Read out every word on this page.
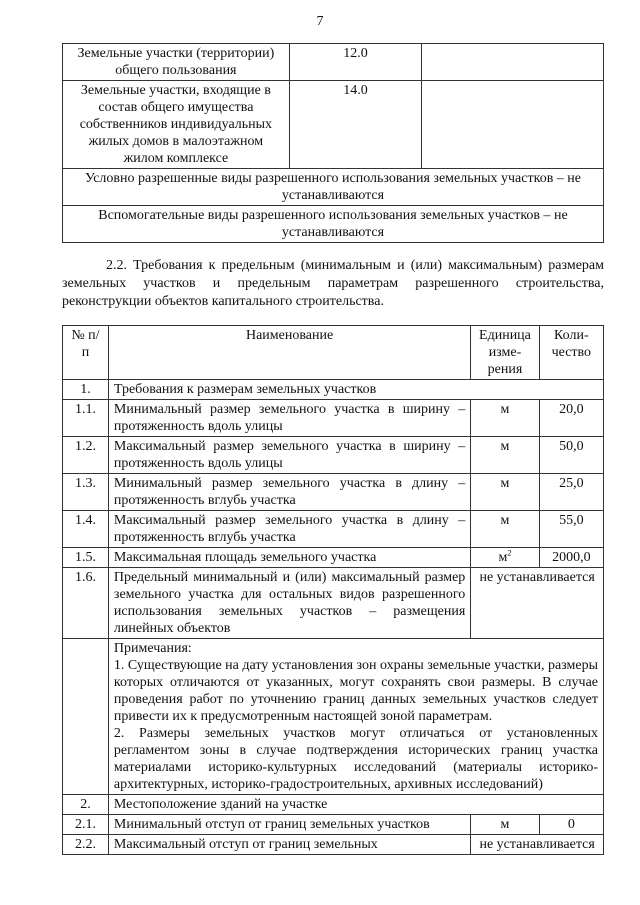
7
Земельные участки (территории) общего пользования	12.0	
Земельные участки, входящие в состав общего имущества собственников индивидуальных жилых домов в малоэтажном жилом комплексе	14.0	
Условно разрешенные виды разрешенного использования земельных участков – не устанавливаются		
Вспомогательные виды разрешенного использования земельных участков – не устанавливаются		
2.2. Требования к предельным (минимальным и (или) максимальным) размерам земельных участков и предельным параметрам разрешенного строительства, реконструкции объектов капитального строительства.
№ п/п	Наименование	Единица изме-рения	Коли-чество
1.	Требования к размерам земельных участков		
1.1.	Минимальный размер земельного участка в ширину – протяженность вдоль улицы	м	20,0
1.2.	Максимальный размер земельного участка в ширину – протяженность вдоль улицы	м	50,0
1.3.	Минимальный размер земельного участка в длину – протяженность вглубь участка	м	25,0
1.4.	Максимальный размер земельного участка в длину – протяженность вглубь участка	м	55,0
1.5.	Максимальная площадь земельного участка	$м^2$	2000,0
1.6.	Предельный минимальный и (или) максимальный размер земельного участка для остальных видов разрешенного использования земельных участков – размещения линейных объектов	не устанавливается	

	Примечания:

1. Существующие на дату установления зон охраны земельные участки, размеры которых отличаются от указанных, могут сохранять свои размеры. В случае проведения работ по уточнению границ данных земельных участков следует привести их к предусмотренным настоящей зоной параметрам.

2. Размеры земельных участков могут отличаться от установленных регламентом зоны в случае подтверждения исторических границ участка материалами историко-культурных исследований (материалы историко-архитектурных, историко-градостроительных, архивных исследований)		

2.	Местоположение зданий на участке		
2.1.	Минимальный отступ от границ земельных участков	м	0
2.2.	Максимальный отступ от границ земельных	не устанавливается	
